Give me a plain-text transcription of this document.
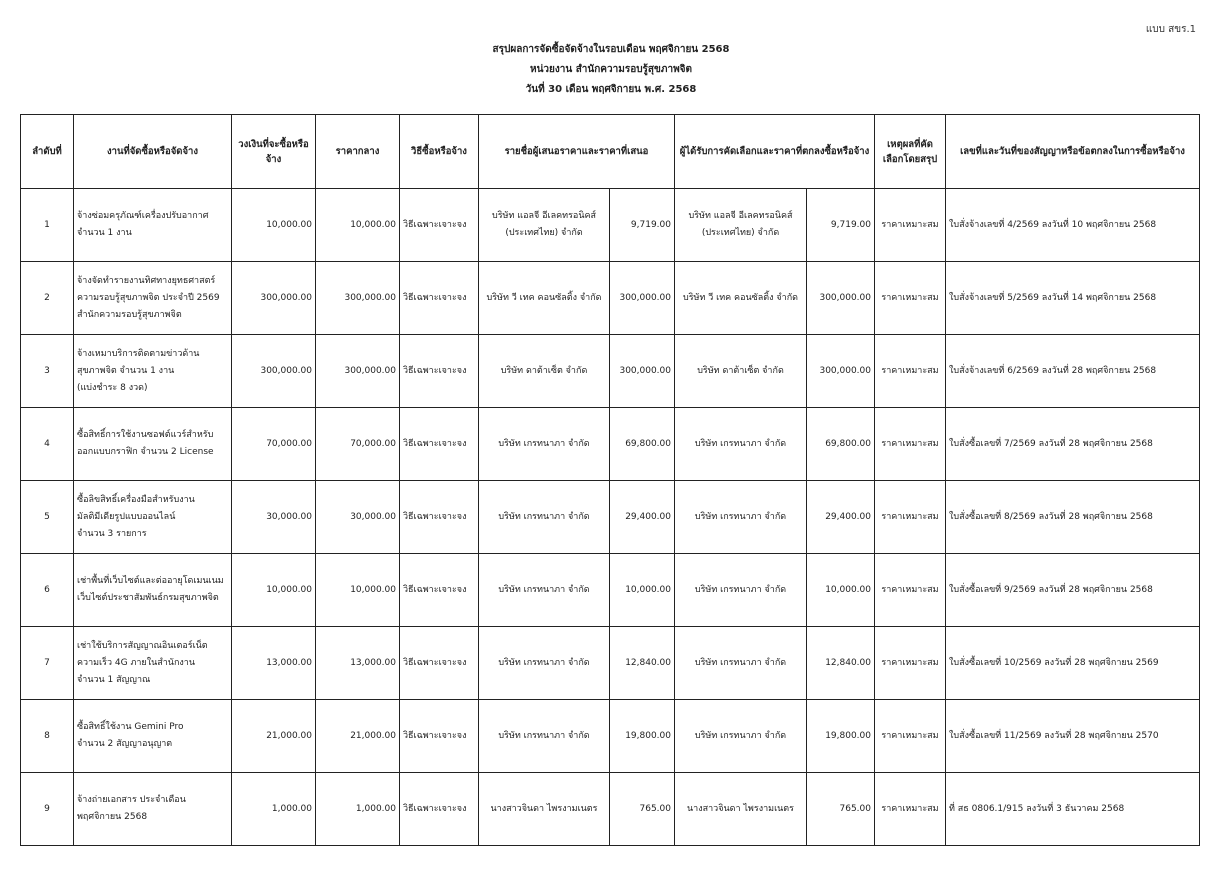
แบบ สขร.1
สรุปผลการจัดซื้อจัดจ้างในรอบเดือน พฤศจิกายน 2568
หน่วยงาน สำนักความรอบรู้สุขภาพจิต
วันที่ 30 เดือน พฤศจิกายน พ.ศ. 2568
ลำดับที่	งานที่จัดซื้อหรือจัดจ้าง	วงเงินที่จะซื้อหรือจ้าง	ราคากลาง	วิธีซื้อหรือจ้าง	รายชื่อผู้เสนอราคาและราคาที่เสนอ		ผู้ได้รับการคัดเลือกและราคาที่ตกลงซื้อหรือจ้าง		เหตุผลที่คัดเลือกโดยสรุป	เลขที่และวันที่ของสัญญาหรือข้อตกลงในการซื้อหรือจ้าง
1	จ้างซ่อมครุภัณฑ์เครื่องปรับอากาศ
จำนวน 1 งาน	10,000.00	10,000.00	วิธีเฉพาะเจาะจง	บริษัท แอลจี อีเลคทรอนิคส์
(ประเทศไทย) จำกัด	9,719.00	บริษัท แอลจี อีเลคทรอนิคส์
(ประเทศไทย) จำกัด	9,719.00	ราคาเหมาะสม	ใบสั่งจ้างเลขที่ 4/2569 ลงวันที่ 10 พฤศจิกายน 2568
2	จ้างจัดทำรายงานทิศทางยุทธศาสตร์
ความรอบรู้สุขภาพจิต ประจำปี 2569
สำนักความรอบรู้สุขภาพจิต	300,000.00	300,000.00	วิธีเฉพาะเจาะจง	บริษัท วี เทค คอนซัลติ้ง จำกัด	300,000.00	บริษัท วี เทค คอนซัลติ้ง จำกัด	300,000.00	ราคาเหมาะสม	ใบสั่งจ้างเลขที่ 5/2569 ลงวันที่ 14 พฤศจิกายน 2568
3	จ้างเหมาบริการติดตามข่าวด้าน
สุขภาพจิต จำนวน 1 งาน
(แบ่งชำระ 8 งวด)	300,000.00	300,000.00	วิธีเฉพาะเจาะจง	บริษัท ดาต้าเซ็ต จำกัด	300,000.00	บริษัท ดาต้าเซ็ต จำกัด	300,000.00	ราคาเหมาะสม	ใบสั่งจ้างเลขที่ 6/2569 ลงวันที่ 28 พฤศจิกายน 2568
4	ซื้อสิทธิ์การใช้งานซอฟต์แวร์สำหรับ
ออกแบบกราฟิก จำนวน 2 License	70,000.00	70,000.00	วิธีเฉพาะเจาะจง	บริษัท เกรทนาภา จำกัด	69,800.00	บริษัท เกรทนาภา จำกัด	69,800.00	ราคาเหมาะสม	ใบสั่งซื้อเลขที่ 7/2569 ลงวันที่ 28 พฤศจิกายน 2568
5	ซื้อลิขสิทธิ์เครื่องมือสำหรับงาน
มัลติมีเดียรูปแบบออนไลน์
จำนวน 3 รายการ	30,000.00	30,000.00	วิธีเฉพาะเจาะจง	บริษัท เกรทนาภา จำกัด	29,400.00	บริษัท เกรทนาภา จำกัด	29,400.00	ราคาเหมาะสม	ใบสั่งซื้อเลขที่ 8/2569 ลงวันที่ 28 พฤศจิกายน 2568
6	เช่าพื้นที่เว็บไซต์และต่ออายุโดเมนเนม
เว็บไซต์ประชาสัมพันธ์กรมสุขภาพจิต	10,000.00	10,000.00	วิธีเฉพาะเจาะจง	บริษัท เกรทนาภา จำกัด	10,000.00	บริษัท เกรทนาภา จำกัด	10,000.00	ราคาเหมาะสม	ใบสั่งซื้อเลขที่ 9/2569 ลงวันที่ 28 พฤศจิกายน 2568
7	เช่าใช้บริการสัญญาณอินเตอร์เน็ต
ความเร็ว 4G ภายในสำนักงาน
จำนวน 1 สัญญาณ	13,000.00	13,000.00	วิธีเฉพาะเจาะจง	บริษัท เกรทนาภา จำกัด	12,840.00	บริษัท เกรทนาภา จำกัด	12,840.00	ราคาเหมาะสม	ใบสั่งซื้อเลขที่ 10/2569 ลงวันที่ 28 พฤศจิกายน 2569
8	ซื้อสิทธิ์ใช้งาน Gemini Pro
จำนวน 2 สัญญาอนุญาต	21,000.00	21,000.00	วิธีเฉพาะเจาะจง	บริษัท เกรทนาภา จำกัด	19,800.00	บริษัท เกรทนาภา จำกัด	19,800.00	ราคาเหมาะสม	ใบสั่งซื้อเลขที่ 11/2569 ลงวันที่ 28 พฤศจิกายน 2570
9	จ้างถ่ายเอกสาร ประจำเดือน
พฤศจิกายน 2568	1,000.00	1,000.00	วิธีเฉพาะเจาะจง	นางสาวจินดา ไพรงามเนตร	765.00	นางสาวจินดา ไพรงามเนตร	765.00	ราคาเหมาะสม	ที่ สธ 0806.1/915 ลงวันที่ 3 ธันวาคม 2568
